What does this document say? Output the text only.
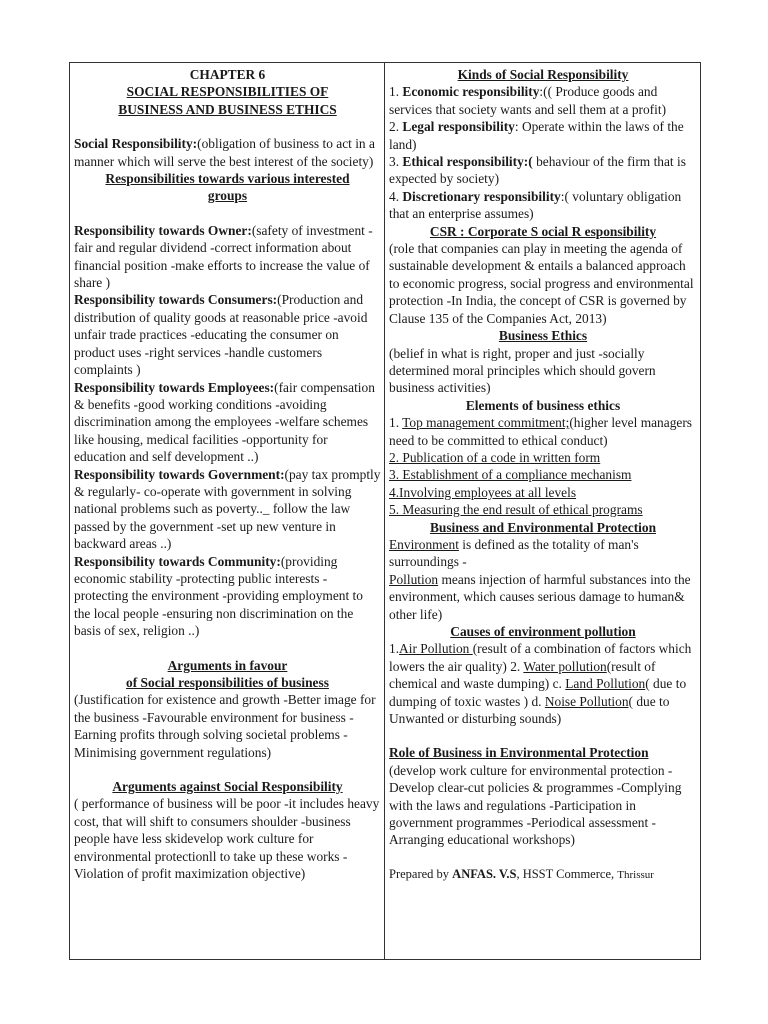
CHAPTER 6

SOCIAL RESPONSIBILITIES OF

BUSINESS AND BUSINESS ETHICS

Social Responsibility:(obligation of business to act in a manner which will serve the best interest of the society)

Responsibilities towards various interested

groups

Responsibility towards Owner:(safety of investment -fair and regular dividend -correct information about financial position -make efforts to increase the value of share )

Responsibility towards Consumers:(Production and distribution of quality goods at reasonable price -avoid unfair trade practices -educating the consumer on product uses -right services -handle customers complaints )

Responsibility towards Employees:(fair compensation & benefits -good working conditions -avoiding discrimination among the employees -welfare schemes like housing, medical facilities -opportunity for education and self development ..)

Responsibility towards Government:(pay tax promptly & regularly- co-operate with government in solving national problems such as poverty.._ follow the law passed by the government -set up new venture in backward areas ..)

Responsibility towards Community:(providing economic stability -protecting public interests -protecting the environment -providing employment to the local people -ensuring non discrimination on the basis of sex, religion ..)

Arguments in favour

of Social responsibilities of business

(Justification for existence and growth -Better image for the business -Favourable environment for business -Earning profits through solving societal problems -Minimising government regulations)

Arguments against Social Responsibility

( performance of business will be poor -it includes heavy cost, that will shift to consumers shoulder -business people have less skidevelop work culture for environmental protectionll to take up these works -Violation of profit maximization objective)

Kinds of Social Responsibility

1. Economic responsibility:(( Produce goods and services that society wants and sell them at a profit)

2. Legal responsibility: Operate within the laws of the land)

3. Ethical responsibility:( behaviour of the firm that is expected by society)

4. Discretionary responsibility:( voluntary obligation that an enterprise assumes)

CSR : Corporate S ocial R esponsibility

(role that companies can play in meeting the agenda of sustainable development & entails a balanced approach to economic progress, social progress and environmental protection -In India, the concept of CSR is governed by Clause 135 of the Companies Act, 2013)

Business Ethics

(belief in what is right, proper and just -socially determined moral principles which should govern business activities)

Elements of business ethics

1. Top management commitment;(higher level managers need to be committed to ethical conduct)

2. Publication of a code in written form

3. Establishment of a compliance mechanism

4.Involving employees at all levels

5. Measuring the end result of ethical programs

Business and Environmental Protection

Environment is defined as the totality of man's surroundings -

Pollution means injection of harmful substances into the environment, which causes serious damage to human& other life)

Causes of environment pollution

1.Air Pollution (result of a combination of factors which lowers the air quality) 2. Water pollution(result of chemical and waste dumping) c. Land Pollution( due to dumping of toxic wastes ) d. Noise Pollution( due to Unwanted or disturbing sounds)

Role of Business in Environmental Protection

(develop work culture for environmental protection -Develop clear-cut policies & programmes -Complying with the laws and regulations -Participation in government programmes -Periodical assessment -Arranging educational workshops)

Prepared by ANFAS. V.S, HSST Commerce, Thrissur
